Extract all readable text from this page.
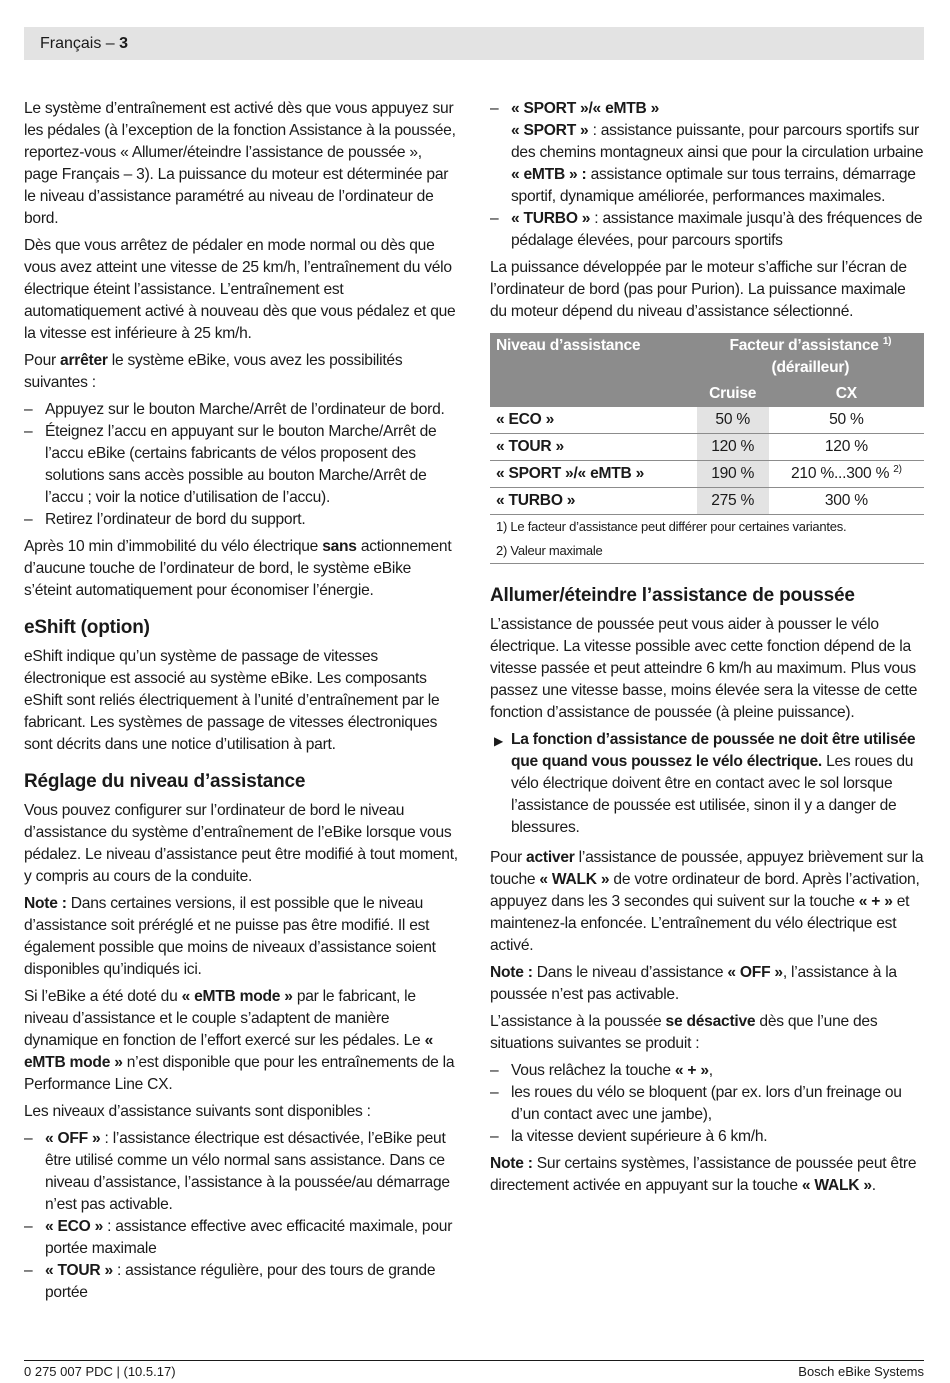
Français – 3

Le système d’entraînement est activé dès que vous appuyez sur les pédales (à l’exception de la fonction Assistance à la poussée, reportez-vous « Allumer/éteindre l’assistance de poussée », page Français – 3). La puissance du moteur est déterminée par le niveau d’assistance paramétré au niveau de l’ordinateur de bord.

Dès que vous arrêtez de pédaler en mode normal ou dès que vous avez atteint une vitesse de 25 km/h, l’entraînement du vélo électrique éteint l’assistance. L’entraînement est automatiquement activé à nouveau dès que vous pédalez et que la vitesse est inférieure à 25 km/h.

Pour arrêter le système eBike, vous avez les possibilités suivantes :

– Appuyez sur le bouton Marche/Arrêt de l’ordinateur de bord.
– Éteignez l’accu en appuyant sur le bouton Marche/Arrêt de l’accu eBike (certains fabricants de vélos proposent des solutions sans accès possible au bouton Marche/Arrêt de l’accu ; voir la notice d’utilisation de l’accu).
– Retirez l’ordinateur de bord du support.

Après 10 min d’immobilité du vélo électrique sans actionnement d’aucune touche de l’ordinateur de bord, le système eBike s’éteint automatiquement pour économiser l’énergie.

eShift (option)

eShift indique qu’un système de passage de vitesses électronique est associé au système eBike. Les composants eShift sont reliés électriquement à l’unité d’entraînement par le fabricant. Les systèmes de passage de vitesses électroniques sont décrits dans une notice d’utilisation à part.

Réglage du niveau d’assistance

Vous pouvez configurer sur l’ordinateur de bord le niveau d’assistance du système d’entraînement de l’eBike lorsque vous pédalez. Le niveau d’assistance peut être modifié à tout moment, y compris au cours de la conduite.

Note : Dans certaines versions, il est possible que le niveau d’assistance soit préréglé et ne puisse pas être modifié. Il est également possible que moins de niveaux d’assistance soient disponibles qu’indiqués ici.

Si l’eBike a été doté du « eMTB mode » par le fabricant, le niveau d’assistance et le couple s’adaptent de manière dynamique en fonction de l’effort exercé sur les pédales. Le « eMTB mode » n’est disponible que pour les entraînements de la Performance Line CX.

Les niveaux d’assistance suivants sont disponibles :

– « OFF » : l’assistance électrique est désactivée, l’eBike peut être utilisé comme un vélo normal sans assistance. Dans ce niveau d’assistance, l’assistance à la poussée/au démarrage n’est pas activable.
– « ECO » : assistance effective avec efficacité maximale, pour portée maximale
– « TOUR » : assistance régulière, pour des tours de grande portée
– « SPORT »/« eMTB »
« SPORT » : assistance puissante, pour parcours sportifs sur des chemins montagneux ainsi que pour la circulation urbaine
« eMTB » : assistance optimale sur tous terrains, démarrage sportif, dynamique améliorée, performances maximales.
– « TURBO » : assistance maximale jusqu’à des fréquences de pédalage élevées, pour parcours sportifs

La puissance développée par le moteur s’affiche sur l’écran de l’ordinateur de bord (pas pour Purion). La puissance maximale du moteur dépend du niveau d’assistance sélectionné.

Niveau d’assistance	Facteur d’assistance $^{1)}$
(dérailleur)	
	Cruise	CX
« ECO »	50 %	50 %
« TOUR »	120 %	120 %
« SPORT »/« eMTB »	190 %	210 %...300 % $^{2)}$
« TURBO »	275 %	300 %
1) Le facteur d’assistance peut différer pour certaines variantes.		
2) Valeur maximale		
Allumer/éteindre l’assistance de poussée

L’assistance de poussée peut vous aider à pousser le vélo électrique. La vitesse possible avec cette fonction dépend de la vitesse passée et peut atteindre 6 km/h au maximum. Plus vous passez une vitesse basse, moins élevée sera la vitesse de cette fonction d’assistance de poussée (à pleine puissance).

▶ La fonction d’assistance de poussée ne doit être utilisée que quand vous poussez le vélo électrique. Les roues du vélo électrique doivent être en contact avec le sol lorsque l’assistance de poussée est utilisée, sinon il y a danger de blessures.

Pour activer l’assistance de poussée, appuyez brièvement sur la touche « WALK » de votre ordinateur de bord. Après l’activation, appuyez dans les 3 secondes qui suivent sur la touche « + » et maintenez-la enfoncée. L’entraînement du vélo électrique est activé.

Note : Dans le niveau d’assistance « OFF », l’assistance à la poussée n’est pas activable.

L’assistance à la poussée se désactive dès que l’une des situations suivantes se produit :

– Vous relâchez la touche « + »,
– les roues du vélo se bloquent (par ex. lors d’un freinage ou d’un contact avec une jambe),
– la vitesse devient supérieure à 6 km/h.

Note : Sur certains systèmes, l’assistance de poussée peut être directement activée en appuyant sur la touche « WALK ».

0 275 007 PDC | (10.5.17)	Bosch eBike Systems
